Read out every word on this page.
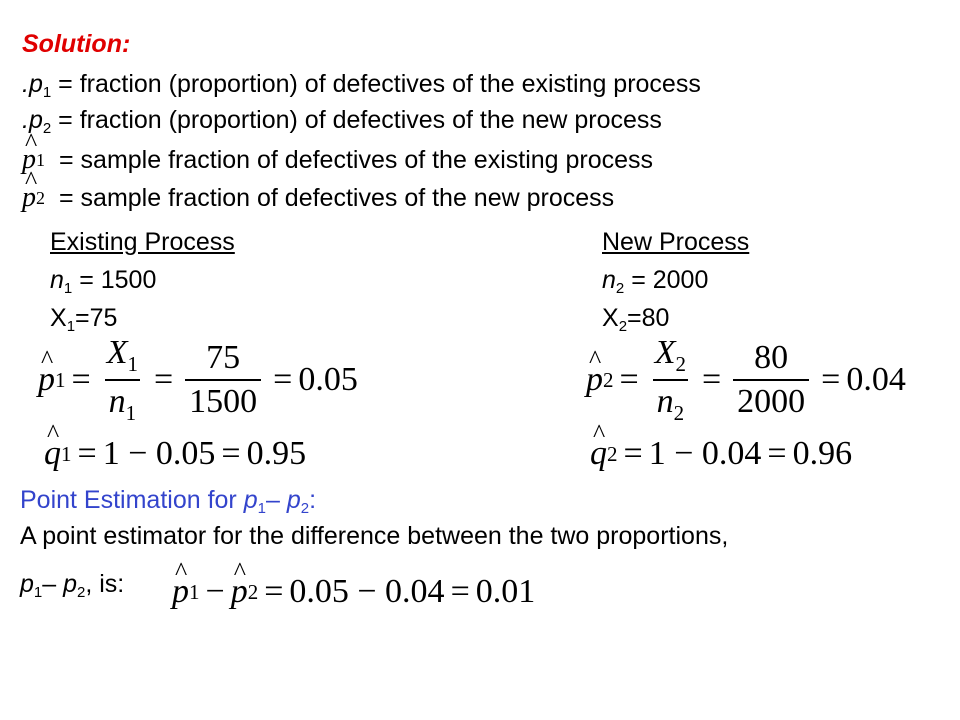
Solution:
$.p_1$ = fraction (proportion) of defectives of the existing process
$.p_2$ = fraction (proportion) of defectives of the new process
^ p 1 = sample fraction of defectives of the existing process
^ p 2 = sample fraction of defectives of the new process
Existing Process
$n_1 = 1500$
$X_1=75$
New Process
$n_2 = 2000$
$X_2=80$
^ p $1 = \frac{X_1}{n_1} = \frac{75}{1500} = 0.05$	^ p $2 = \frac{X_2}{n_2} = \frac{80}{2000} = 0.04$
^ q 1 = 1 − 0.05 = 0.95	^ q 2 = 1 − 0.04 = 0.96
Point Estimation for $p_1-$ $p_2$:
A point estimator for the difference between the two proportions,
$p_1-$ $p_2$, is: ^ p 1 − ^ p 2 = 0.05 − 0.04 = 0.01
